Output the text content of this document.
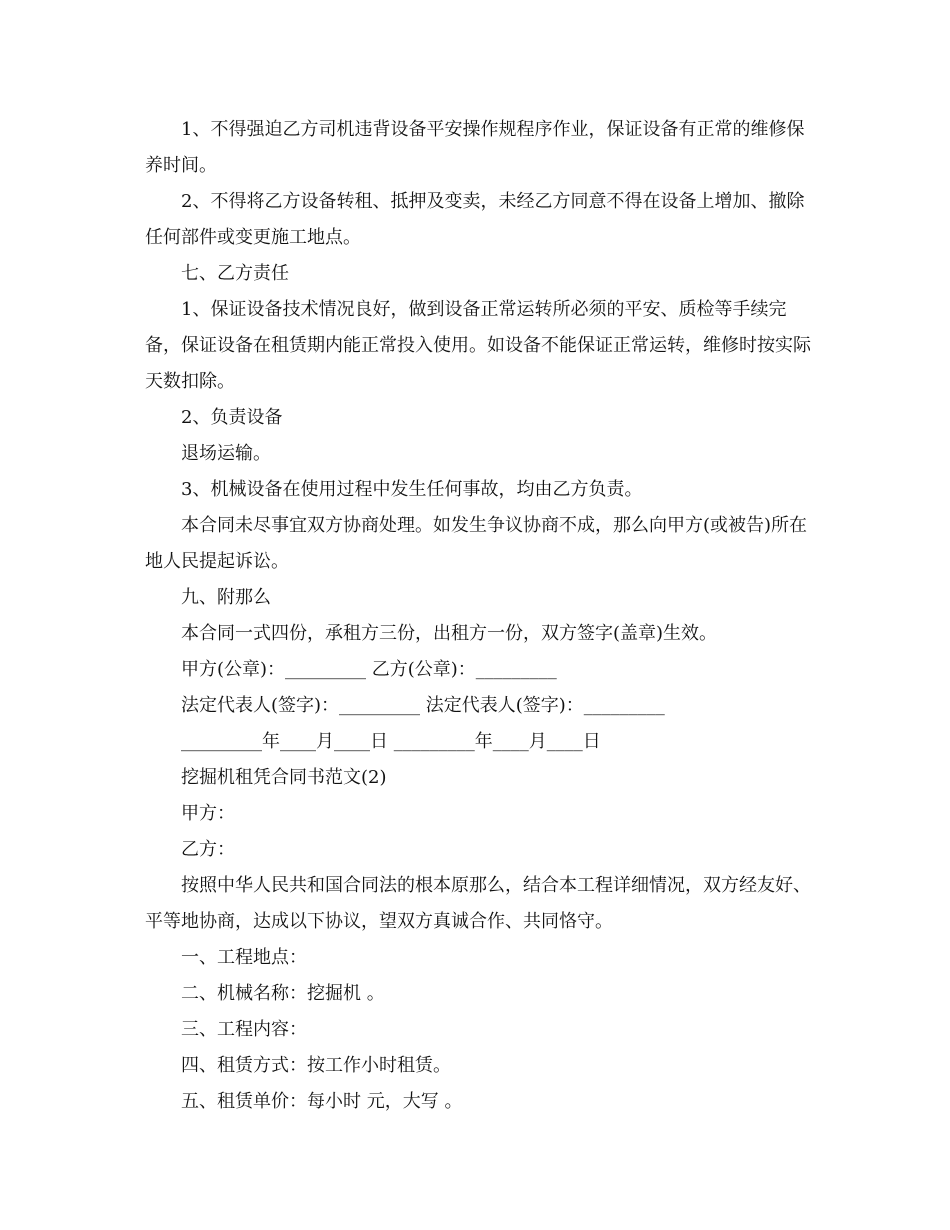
1、不得强迫乙方司机违背设备平安操作规程序作业，保证设备有正常的维修保养时间。

2、不得将乙方设备转租、抵押及变卖，未经乙方同意不得在设备上增加、撤除任何部件或变更施工地点。

七、乙方责任

1、保证设备技术情况良好，做到设备正常运转所必须的平安、质检等手续完备，保证设备在租赁期内能正常投入使用。如设备不能保证正常运转，维修时按实际天数扣除。

2、负责设备

退场运输。

3、机械设备在使用过程中发生任何事故，均由乙方负责。

本合同未尽事宜双方协商处理。如发生争议协商不成，那么向甲方(或被告)所在地人民提起诉讼。

九、附那么

本合同一式四份，承租方三份，出租方一份，双方签字(盖章)生效。

甲方(公章)：_________ 乙方(公章)：_________

法定代表人(签字)：_________ 法定代表人(签字)：_________

_________年____月____日 _________年____月____日

挖掘机租凭合同书范文(2)

甲方：

乙方：

按照中华人民共和国合同法的根本原那么，结合本工程详细情况，双方经友好、平等地协商，达成以下协议，望双方真诚合作、共同恪守。

一、工程地点：

二、机械名称：挖掘机 。

三、工程内容：

四、租赁方式：按工作小时租赁。

五、租赁单价：每小时 元，大写 。
